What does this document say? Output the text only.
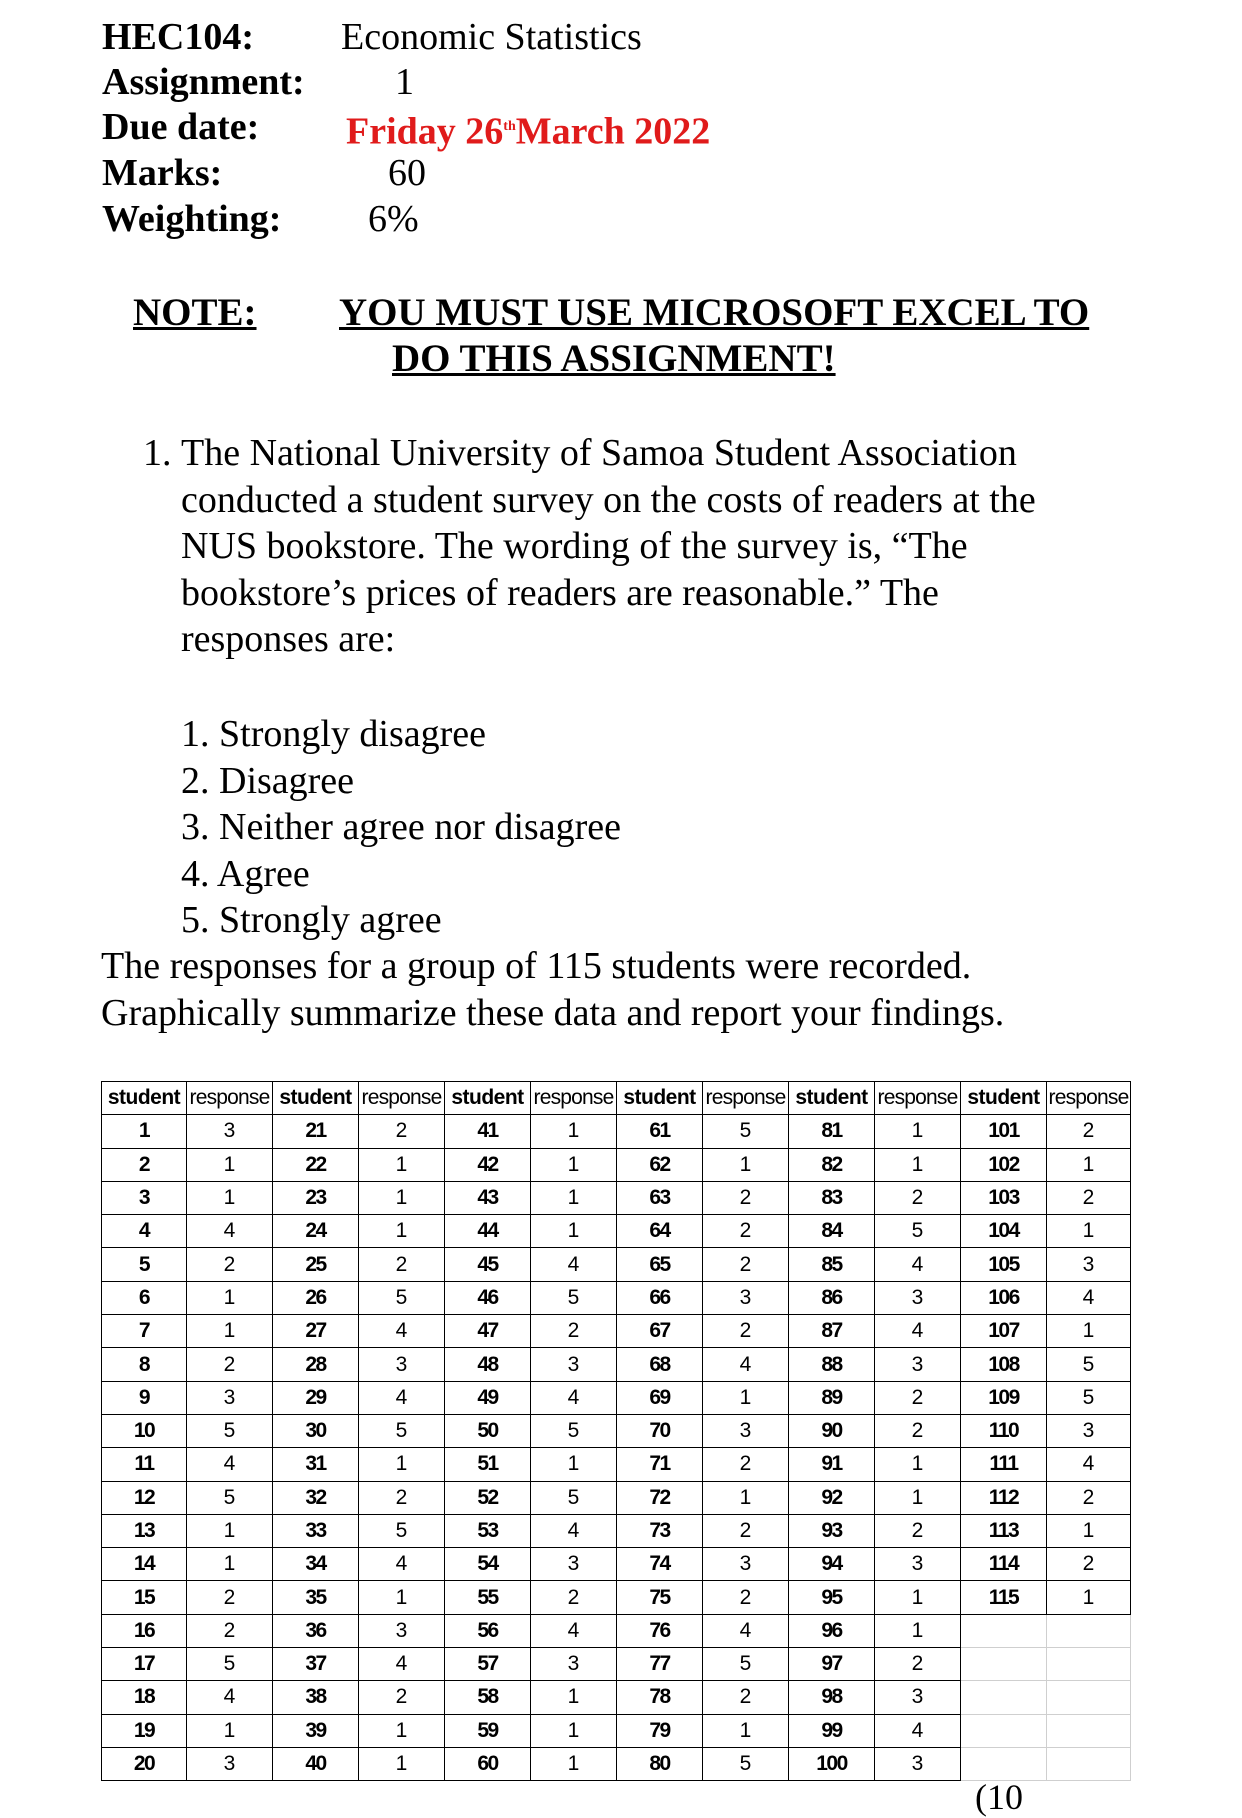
HEC104: Economic Statistics
Assignment: 1
Due date: Friday 26thMarch 2022
Marks:	60
Weighting: 6%
NOTE: YOU MUST USE MICROSOFT EXCEL TO
DO THIS ASSIGNMENT!
1. The National University of Samoa Student Association

conducted a student survey on the costs of readers at the

NUS bookstore. The wording of the survey is, “The

bookstore’s prices of readers are reasonable.” The

responses are:

1. Strongly disagree
2. Disagree
3. Neither agree nor disagree
4. Agree
5. Strongly agree

The responses for a group of 115 students were recorded.

Graphically summarize these data and report your findings.

student	response	student	response	student	response	student	response	student	response	student	response
1	3	21	2	41	1	61	5	81	1	101	2
2	1	22	1	42	1	62	1	82	1	102	1
3	1	23	1	43	1	63	2	83	2	103	2
4	4	24	1	44	1	64	2	84	5	104	1
5	2	25	2	45	4	65	2	85	4	105	3
6	1	26	5	46	5	66	3	86	3	106	4
7	1	27	4	47	2	67	2	87	4	107	1
8	2	28	3	48	3	68	4	88	3	108	5
9	3	29	4	49	4	69	1	89	2	109	5
10	5	30	5	50	5	70	3	90	2	110	3
11	4	31	1	51	1	71	2	91	1	111	4
12	5	32	2	52	5	72	1	92	1	112	2
13	1	33	5	53	4	73	2	93	2	113	1
14	1	34	4	54	3	74	3	94	3	114	2
15	2	35	1	55	2	75	2	95	1	115	1
16	2	36	3	56	4	76	4	96	1		
17	5	37	4	57	3	77	5	97	2		
18	4	38	2	58	1	78	2	98	3		
19	1	39	1	59	1	79	1	99	4		
20	3	40	1	60	1	80	5	100	3		
(10
